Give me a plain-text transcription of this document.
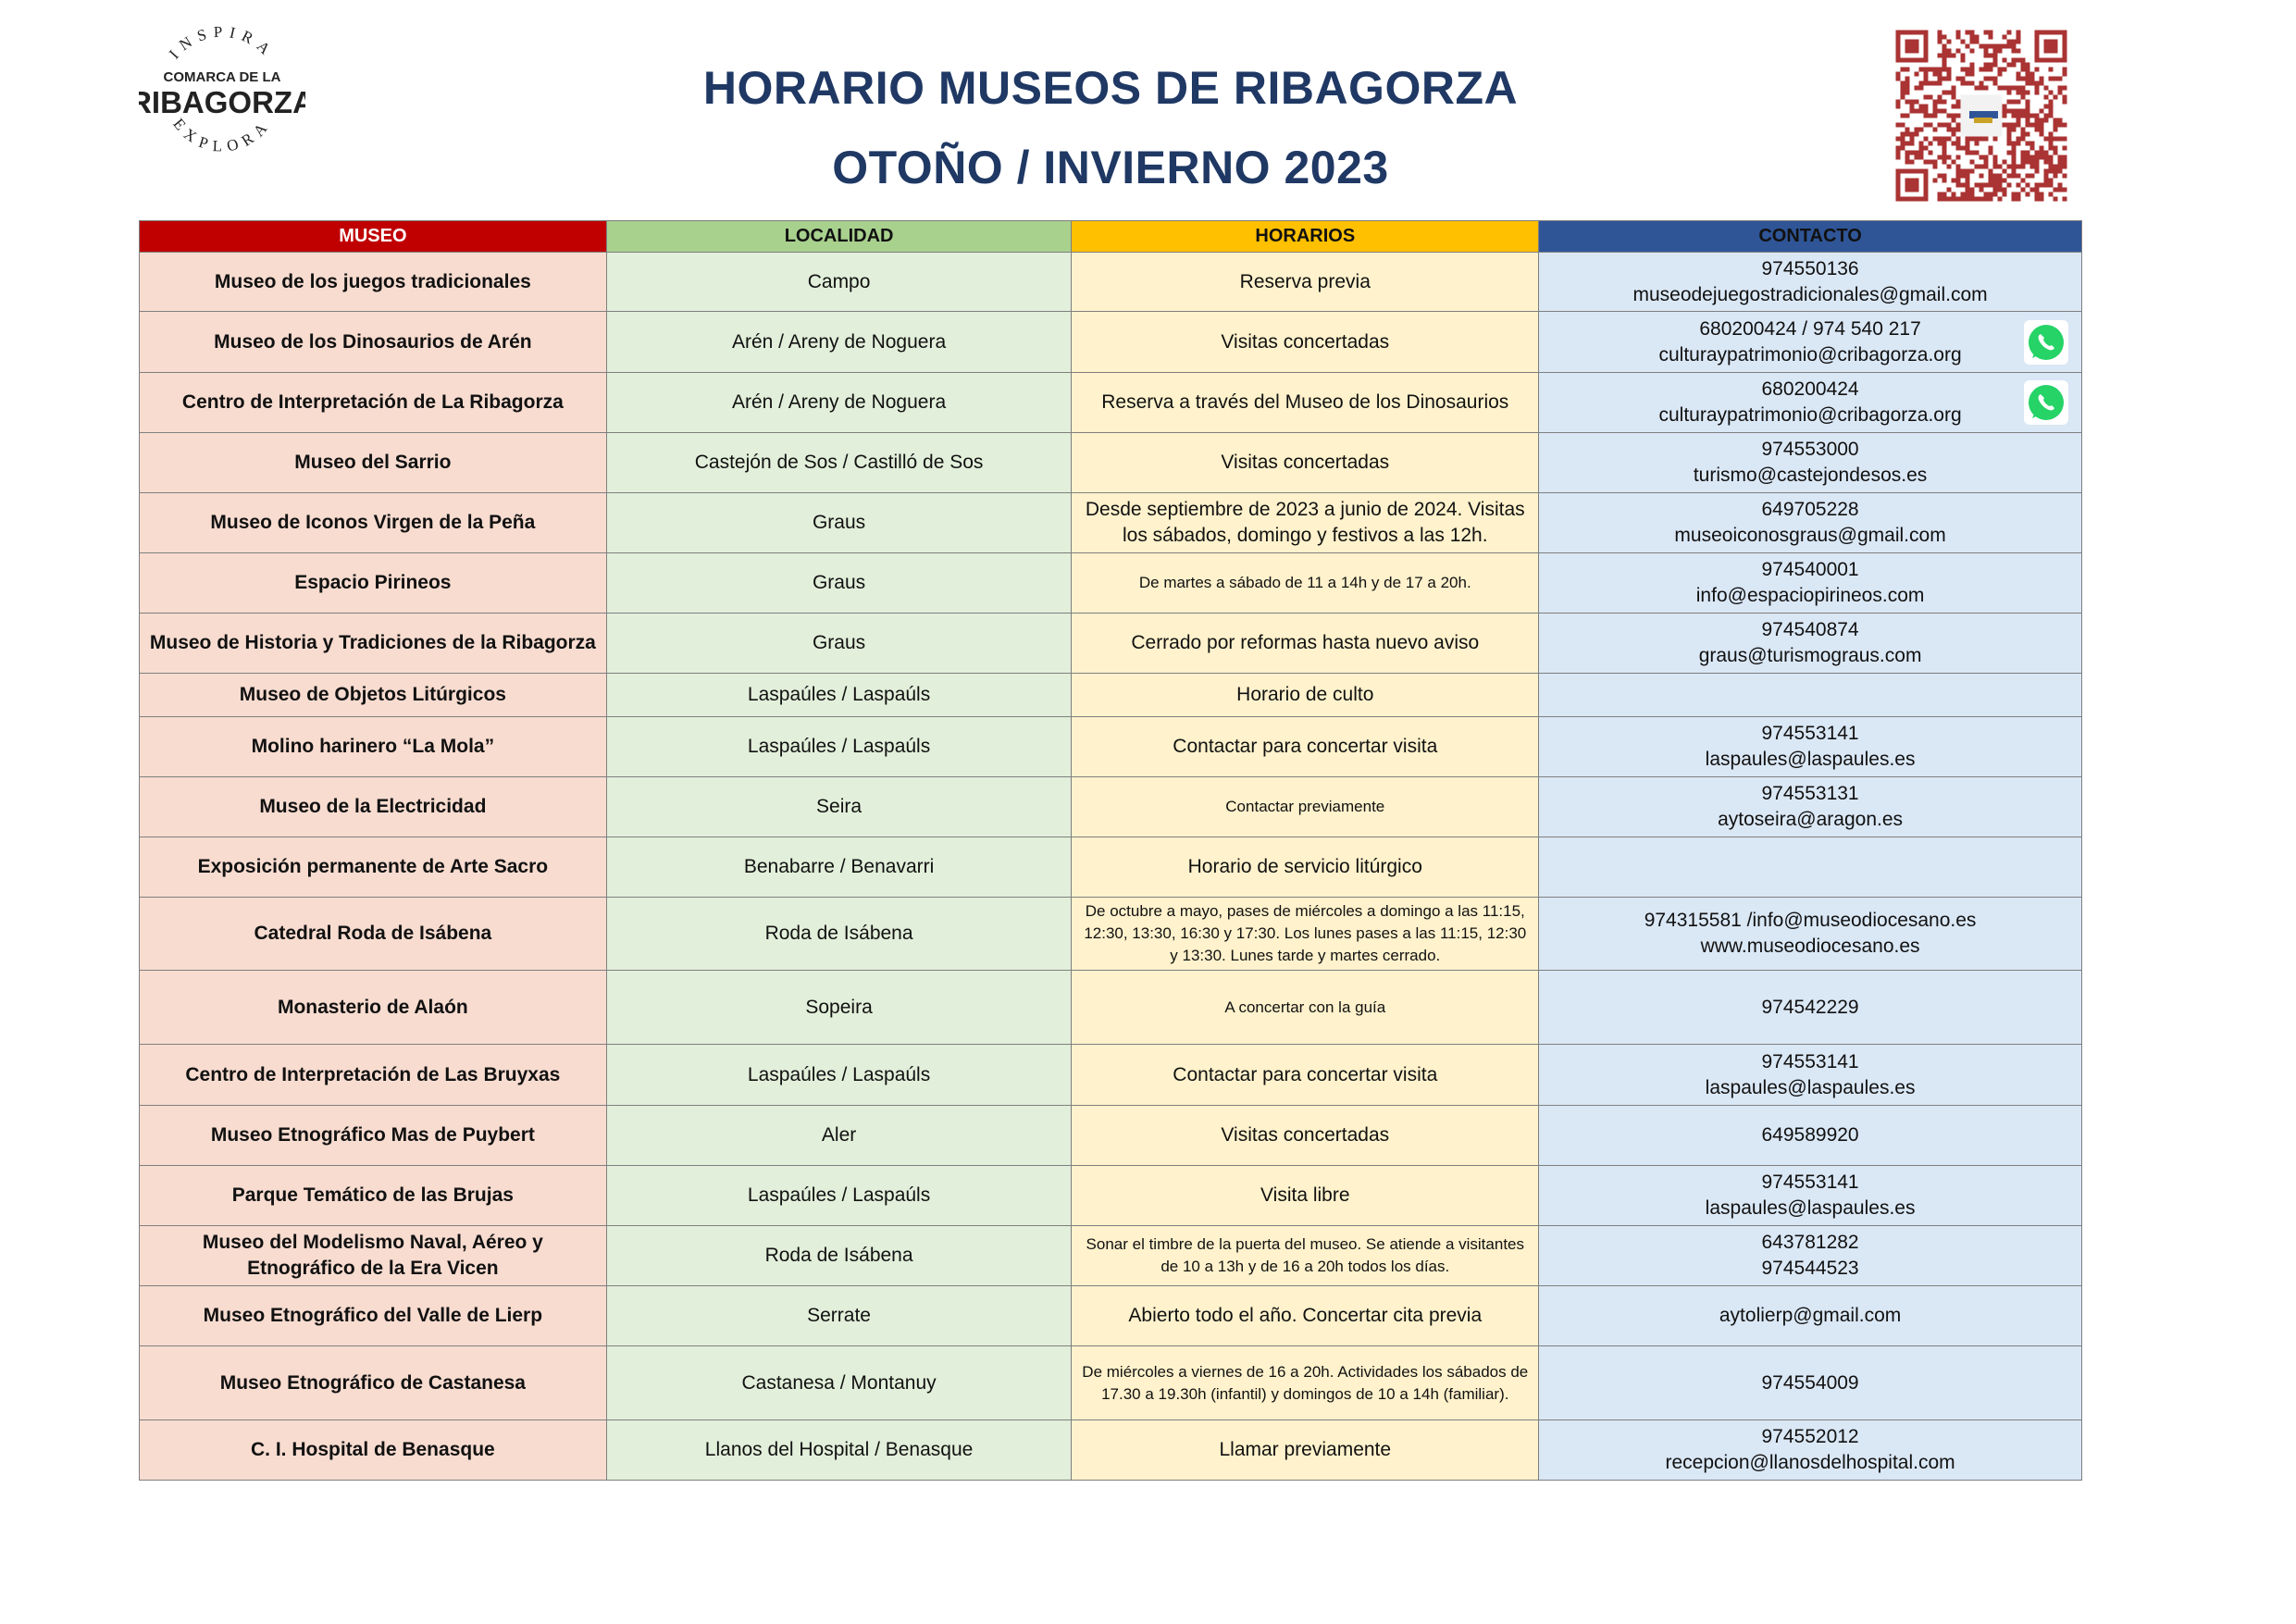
INSPIRA
COMARCA DE LA
RIBAGORZA
EXPLORA
HORARIO MUSEOS DE RIBAGORZA
OTOÑO / INVIERNO 2023
MUSEO	LOCALIDAD	HORARIOS	CONTACTO
Museo de los juegos tradicionales	Campo	Reserva previa	974550136
museodejuegostradicionales@gmail.com

Museo de los Dinosaurios de Arén	Arén / Areny de Noguera	Visitas concertadas	680200424 / 974 540 217
culturaypatrimonio@cribagorza.org

Centro de Interpretación de La Ribagorza	Arén / Areny de Noguera	Reserva a través del Museo de los Dinosaurios	680200424
culturaypatrimonio@cribagorza.org

Museo del Sarrio	Castejón de Sos / Castilló de Sos	Visitas concertadas	974553000
turismo@castejondesos.es

Museo de Iconos Virgen de la Peña	Graus	Desde septiembre de 2023 a junio de 2024. Visitas los sábados, domingo y festivos a las 12h.	649705228
museoiconosgraus@gmail.com

Espacio Pirineos	Graus	De martes a sábado de 11 a 14h y de 17 a 20h.	974540001
info@espaciopirineos.com

Museo de Historia y Tradiciones de la Ribagorza	Graus	Cerrado por reformas hasta nuevo aviso	974540874
graus@turismograus.com

Museo de Objetos Litúrgicos	Laspaúles / Laspaúls	Horario de culto	
Molino harinero “La Mola”	Laspaúles / Laspaúls	Contactar para concertar visita	974553141
laspaules@laspaules.es

Museo de la Electricidad	Seira	Contactar previamente	974553131
aytoseira@aragon.es

Exposición permanente de Arte Sacro	Benabarre / Benavarri	Horario de servicio litúrgico	
Catedral Roda de Isábena	Roda de Isábena	De octubre a mayo, pases de miércoles a domingo a las 11:15, 12:30, 13:30, 16:30 y 17:30. Los lunes pases a las 11:15, 12:30 y 13:30. Lunes tarde y martes cerrado.	974315581 /info@museodiocesano.es
www.museodiocesano.es

Monasterio de Alaón	Sopeira	A concertar con la guía	974542229

Centro de Interpretación de Las Bruyxas	Laspaúles / Laspaúls	Contactar para concertar visita	974553141
laspaules@laspaules.es

Museo Etnográfico Mas de Puybert	Aler	Visitas concertadas	649589920

Parque Temático de las Brujas	Laspaúles / Laspaúls	Visita libre	974553141
laspaules@laspaules.es

Museo del Modelismo Naval, Aéreo y Etnográfico de la Era Vicen	Roda de Isábena	Sonar el timbre de la puerta del museo. Se atiende a visitantes de 10 a 13h y de 16 a 20h todos los días.	643781282
974544523

Museo Etnográfico del Valle de Lierp	Serrate	Abierto todo el año. Concertar cita previa	aytolierp@gmail.com

Museo Etnográfico de Castanesa	Castanesa / Montanuy	De miércoles a viernes de 16 a 20h. Actividades los sábados de 17.30 a 19.30h (infantil) y domingos de 10 a 14h (familiar).	974554009

C. I. Hospital de Benasque	Llanos del Hospital / Benasque	Llamar previamente	974552012
recepcion@llanosdelhospital.com
